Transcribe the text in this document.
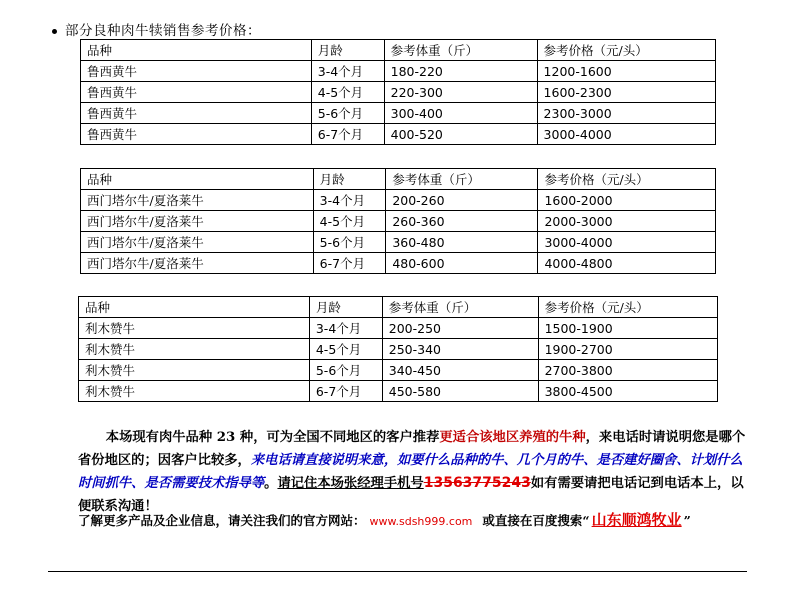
部分良种肉牛犊销售参考价格：
品种	月龄	参考体重（斤）	参考价格（元/头）
鲁西黄牛	3-4个月	180-220	1200-1600
鲁西黄牛	4-5个月	220-300	1600-2300
鲁西黄牛	5-6个月	300-400	2300-3000
鲁西黄牛	6-7个月	400-520	3000-4000
品种	月龄	参考体重（斤）	参考价格（元/头）
西门塔尔牛/夏洛莱牛	3-4个月	200-260	1600-2000
西门塔尔牛/夏洛莱牛	4-5个月	260-360	2000-3000
西门塔尔牛/夏洛莱牛	5-6个月	360-480	3000-4000
西门塔尔牛/夏洛莱牛	6-7个月	480-600	4000-4800
品种	月龄	参考体重（斤）	参考价格（元/头）
利木赞牛	3-4个月	200-250	1500-1900
利木赞牛	4-5个月	250-340	1900-2700
利木赞牛	5-6个月	340-450	2700-3800
利木赞牛	6-7个月	450-580	3800-4500
本场现有肉牛品种 23 种，可为全国不同地区的客户推荐更适合该地区养殖的牛种，来电话时请说明您是哪个省份地区的；因客户比较多，来电话请直接说明来意，如要什么品种的牛、几个月的牛、是否建好圈舍、计划什么时间抓牛、是否需要技术指导等。请记住本场张经理手机号13563775243如有需要请把电话记到电话本上，以便联系沟通！
了解更多产品及企业信息，请关注我们的官方网站： www.sdsh999.com 或直接在百度搜索“ 山东顺鸿牧业 ”
